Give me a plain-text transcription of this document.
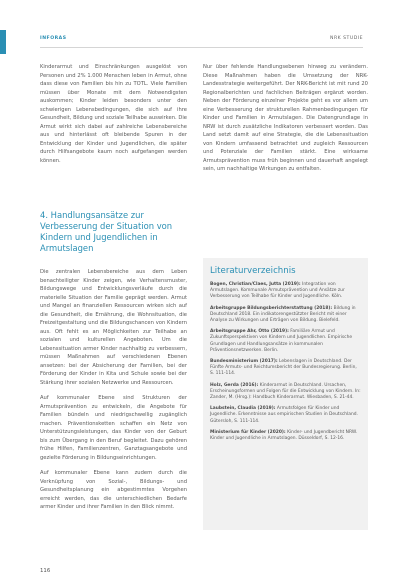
INFORAS	NRK STUDIE

Kinderarmut und Einschränkungen ausgelöst von Personen und 2% 1.000 Menschen leben in Armut, ohne dass diese von Familien bis hin zu TOTL. Viele Familien müssen über Monate mit dem Notwendigsten auskommen; Kinder leiden besonders unter den schwierigen Lebensbedingungen, die sich auf ihre Gesundheit, Bildung und soziale Teilhabe auswirken. Die Armut wirkt sich dabei auf zahlreiche Lebensbereiche aus und hinterlässt oft bleibende Spuren in der Entwicklung der Kinder und Jugendlichen, die später durch Hilfsangebote kaum noch aufgefangen werden können.

4. Handlungsansätze zur Verbesserung der Situation von Kindern und Jugendlichen in Armutslagen

Die zentralen Lebensbereiche aus dem Leben benachteiligter Kinder zeigen, wie Verhaltensmuster, Bildungswege und Entwicklungsverläufe durch die materielle Situation der Familie geprägt werden. Armut und Mangel an finanziellen Ressourcen wirken sich auf die Gesundheit, die Ernährung, die Wohnsituation, die Freizeitgestaltung und die Bildungschancen von Kindern aus. Oft fehlt es an Möglichkeiten zur Teilhabe an sozialen und kulturellen Angeboten. Um die Lebenssituation armer Kinder nachhaltig zu verbessern, müssen Maßnahmen auf verschiedenen Ebenen ansetzen: bei der Absicherung der Familien, bei der Förderung der Kinder in Kita und Schule sowie bei der Stärkung ihrer sozialen Netzwerke und Ressourcen.

Auf kommunaler Ebene sind Strukturen der Armutsprävention zu entwickeln, die Angebote für Familien bündeln und niedrigschwellig zugänglich machen. Präventionsketten schaffen ein Netz von Unterstützungsleistungen, das Kinder von der Geburt bis zum Übergang in den Beruf begleitet. Dazu gehören frühe Hilfen, Familienzentren, Ganztagsangebote und gezielte Förderung in Bildungseinrichtungen.

Auf kommunaler Ebene kann zudem durch die Verknüpfung von Sozial-, Bildungs- und Gesundheitsplanung ein abgestimmtes Vorgehen erreicht werden, das die unterschiedlichen Bedarfe armer Kinder und ihrer Familien in den Blick nimmt.

Nur über fehlende Handlungsebenen hinweg zu verändern. Diese Maßnahmen haben die Umsetzung der NRK-Landesstrategie weitergeführt. Der NRK-Bericht ist mit rund 20 Regionalberichten und fachlichen Beiträgen ergänzt worden. Neben der Förderung einzelner Projekte geht es vor allem um eine Verbesserung der strukturellen Rahmenbedingungen für Kinder und Familien in Armutslagen. Die Datengrundlage in NRW ist durch zusätzliche Indikatoren verbessert worden. Das Land setzt damit auf eine Strategie, die die Lebenssituation von Kindern umfassend betrachtet und zugleich Ressourcen und Potenziale der Familien stärkt. Eine wirksame Armutsprävention muss früh beginnen und dauerhaft angelegt sein, um nachhaltige Wirkungen zu entfalten.

Literaturverzeichnis
Bogen, Christian/Claes, Jutta (2019): Integration von Armutslagen. Kommunale Armutsprävention und Ansätze zur Verbesserung von Teilhabe für Kinder und Jugendliche. Köln.
Arbeitsgruppe Bildungsberichterstattung (2018): Bildung in Deutschland 2018. Ein indikatorengestützter Bericht mit einer Analyse zu Wirkungen und Erträgen von Bildung. Bielefeld.
Arbeitsgruppe Ahr, Otto (2019): Familiäre Armut und Zukunftsperspektiven von Kindern und Jugendlichen. Empirische Grundlagen und Handlungsansätze in kommunalen Präventionsnetzwerken. Berlin.
Bundesministerium (2017): Lebenslagen in Deutschland. Der Fünfte Armuts- und Reichtumsbericht der Bundesregierung. Berlin, S. 111-114.
Holz, Gerda (2016): Kinderarmut in Deutschland. Ursachen, Erscheinungsformen und Folgen für die Entwicklung von Kindern. In: Zander, M. (Hrsg.): Handbuch Kinderarmut. Wiesbaden, S. 21-44.
Laubstein, Claudia (2019): Armutsfolgen für Kinder und Jugendliche. Erkenntnisse aus empirischen Studien in Deutschland. Gütersloh, S. 111-114.
Ministerium für Kinder (2020): Kinder- und Jugendbericht NRW. Kinder und Jugendliche in Armutslagen. Düsseldorf, S. 12-16.
116
